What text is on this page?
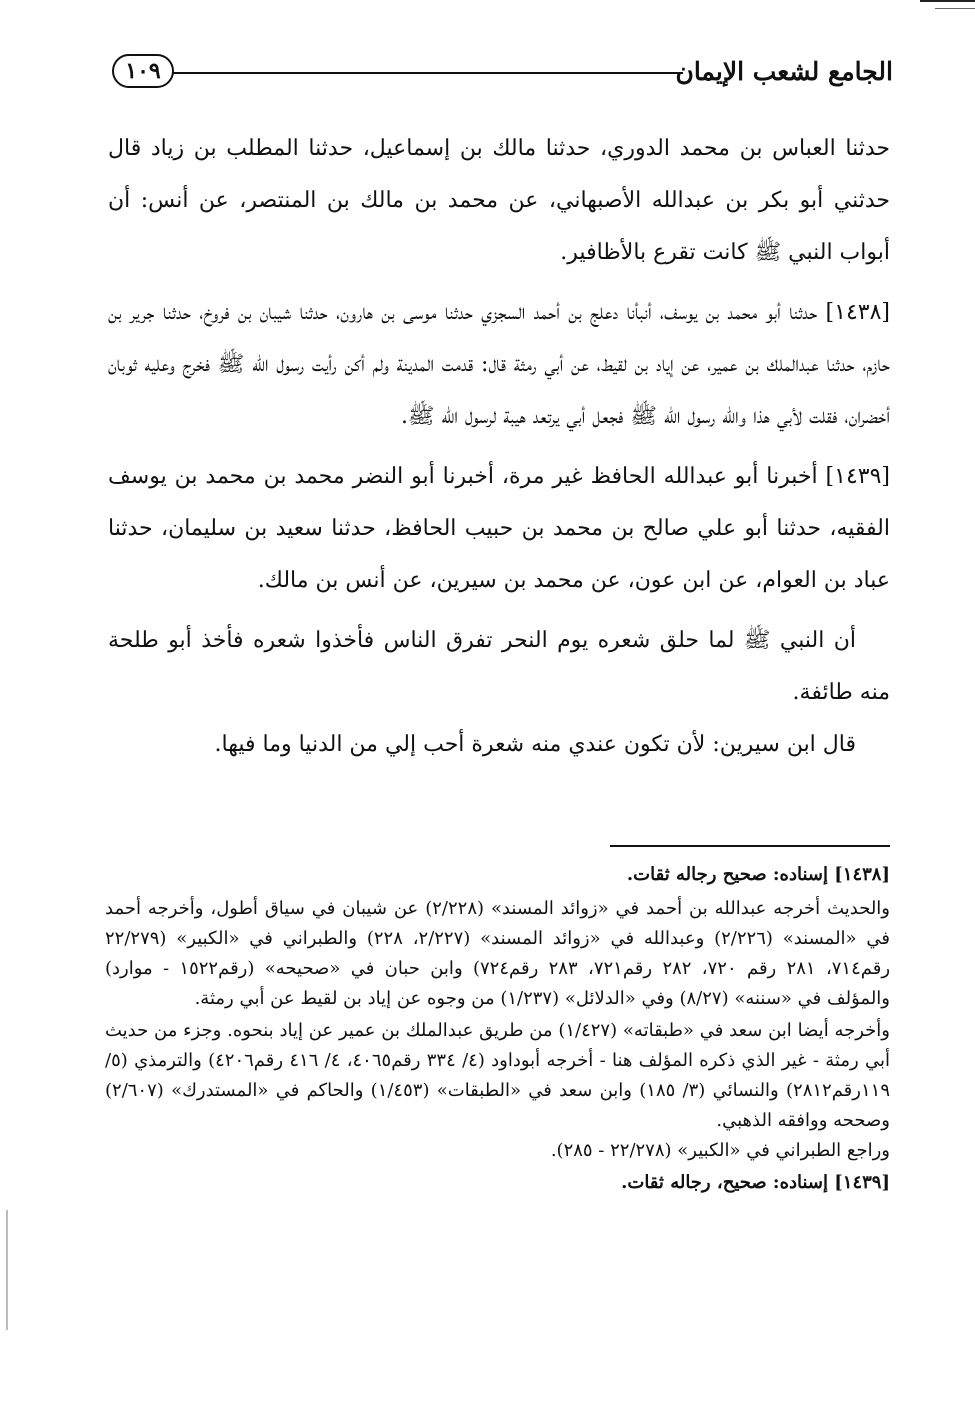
الجامع لشعب الإيمان
١٠٩

حدثنا العباس بن محمد الدوري، حدثنا مالك بن إسماعيل، حدثنا المطلب بن زياد قال حدثني أبو بكر بن عبدالله الأصبهاني، عن محمد بن مالك بن المنتصر، عن أنس: أن أبواب النبي ﷺ كانت تقرع بالأظافير.

[١٤٣٨] حدثنا أبو محمد بن يوسف، أنبأنا دعلج بن أحمد السجزي حدثنا موسى بن هارون، حدثنا شيبان بن فروخ، حدثنا جرير بن حازم، حدثنا عبدالملك بن عمير، عن إياد بن لقيط، عن أبي رمثة قال: قدمت المدينة ولم أكن رأيت رسول الله ﷺ فخرج وعليه ثوبان أخضران، فقلت لأبي هذا والله رسول الله ﷺ فجعل أبي يرتعد هيبة لرسول الله ﷺ.

[١٤٣٩] أخبرنا أبو عبدالله الحافظ غير مرة، أخبرنا أبو النضر محمد بن محمد بن يوسف الفقيه، حدثنا أبو علي صالح بن محمد بن حبيب الحافظ، حدثنا سعيد بن سليمان، حدثنا عباد بن العوام، عن ابن عون، عن محمد بن سيرين، عن أنس بن مالك.

أن النبي ﷺ لما حلق شعره يوم النحر تفرق الناس فأخذوا شعره فأخذ أبو طلحة منه طائفة.

قال ابن سيرين: لأن تكون عندي منه شعرة أحب إلي من الدنيا وما فيها.

[١٤٣٨] إسناده: صحيح رجاله ثقات.

والحديث أخرجه عبدالله بن أحمد في «زوائد المسند» (٢/٢٢٨) عن شيبان في سياق أطول، وأخرجه أحمد في «المسند» (٢/٢٢٦) وعبدالله في «زوائد المسند» (٢/٢٢٧، ٢٢٨) والطبراني في «الكبير» (٢٢/٢٧٩ رقم٧١٤، ٢٨١ رقم ٧٢٠، ٢٨٢ رقم٧٢١، ٢٨٣ رقم٧٢٤) وابن حبان في «صحيحه» (رقم١٥٢٢ - موارد) والمؤلف في «سننه» (٨/٢٧) وفي «الدلائل» (١/٢٣٧) من وجوه عن إياد بن لقيط عن أبي رمثة.

وأخرجه أيضا ابن سعد في «طبقاته» (١/٤٢٧) من طريق عبدالملك بن عمير عن إياد بنحوه. وجزء من حديث أبي رمثة - غير الذي ذكره المؤلف هنا - أخرجه أبوداود (٤/ ٣٣٤ رقم٤٠٦٥، ٤/ ٤١٦ رقم٤٢٠٦) والترمذي (٥/ ١١٩رقم٢٨١٢) والنسائي (٣/ ١٨٥) وابن سعد في «الطبقات» (١/٤٥٣) والحاكم في «المستدرك» (٢/٦٠٧) وصححه ووافقه الذهبي.

وراجع الطبراني في «الكبير» (٢٢/٢٧٨ - ٢٨٥).

[١٤٣٩] إسناده: صحيح، رجاله ثقات.
